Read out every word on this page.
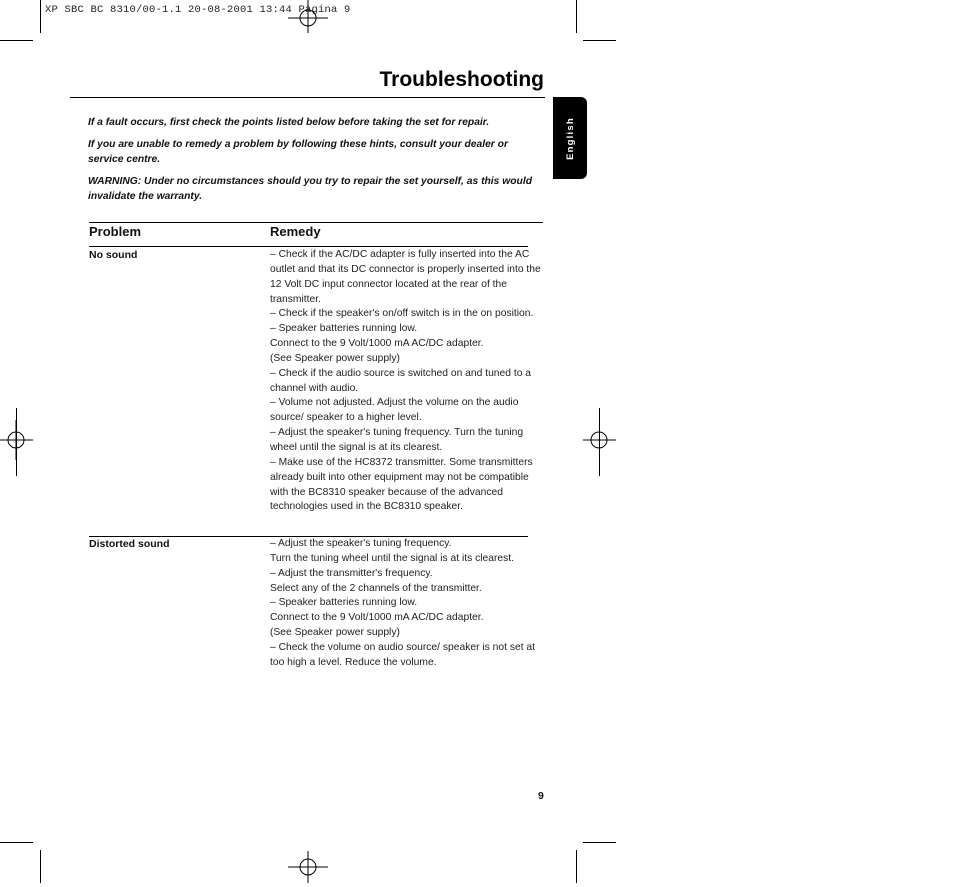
XP SBC BC 8310/00-1.1 20-08-2001 13:44 Pagina 9
Troubleshooting
English
If a fault occurs, first check the points listed below before taking the set for repair.
If you are unable to remedy a problem by following these hints, consult your dealer or service centre.
WARNING: Under no circumstances should you try to repair the set yourself, as this would invalidate the warranty.
Problem	Remedy
No sound	– Check if the AC/DC adapter is fully inserted into the AC outlet and that its DC connector is properly inserted into the 12 Volt DC input connector located at the rear of the transmitter.
– Check if the speaker's on/off switch is in the on position.
– Speaker batteries running low.
Connect to the 9 Volt/1000 mA AC/DC adapter.
(See Speaker power supply)
– Check if the audio source is switched on and tuned to a channel with audio.
– Volume not adjusted. Adjust the volume on the audio source/ speaker to a higher level.
– Adjust the speaker's tuning frequency. Turn the tuning wheel until the signal is at its clearest.
– Make use of the HC8372 transmitter. Some transmitters already built into other equipment may not be compatible with the BC8310 speaker because of the advanced technologies used in the BC8310 speaker.
Distorted sound	– Adjust the speaker's tuning frequency.
Turn the tuning wheel until the signal is at its clearest.
– Adjust the transmitter's frequency.
Select any of the 2 channels of the transmitter.
– Speaker batteries running low.
Connect to the 9 Volt/1000 mA AC/DC adapter.
(See Speaker power supply)
– Check the volume on audio source/ speaker is not set at too high a level. Reduce the volume.
9
